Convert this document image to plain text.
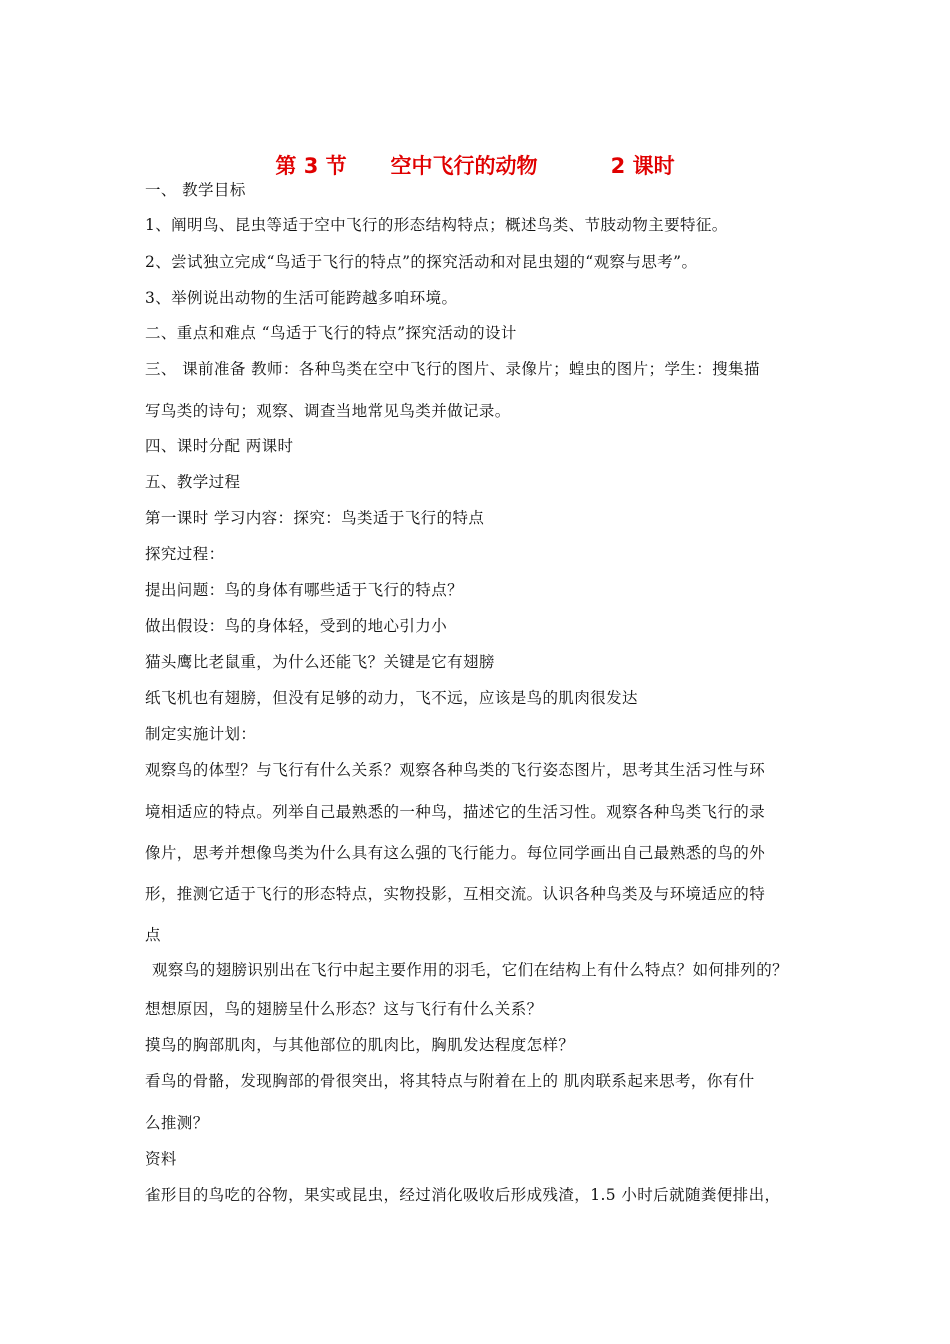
第 3 节 空中飞行的动物	2 课时
一、 教学目标
1、阐明鸟、昆虫等适于空中飞行的形态结构特点；概述鸟类、节肢动物主要特征。
2、尝试独立完成“鸟适于飞行的特点”的探究活动和对昆虫翅的“观察与思考”。
3、举例说出动物的生活可能跨越多咱环境。
二、重点和难点 “鸟适于飞行的特点”探究活动的设计
三、 课前准备 教师：各种鸟类在空中飞行的图片、录像片；蝗虫的图片；学生：搜集描
写鸟类的诗句；观察、调查当地常见鸟类并做记录。
四、课时分配 两课时
五、教学过程
第一课时 学习内容：探究：鸟类适于飞行的特点
探究过程：
提出问题：鸟的身体有哪些适于飞行的特点？
做出假设：鸟的身体轻，受到的地心引力小
猫头鹰比老鼠重，为什么还能飞？关键是它有翅膀
纸飞机也有翅膀，但没有足够的动力，飞不远，应该是鸟的肌肉很发达
制定实施计划：
观察鸟的体型？与飞行有什么关系？观察各种鸟类的飞行姿态图片，思考其生活习性与环
境相适应的特点。列举自己最熟悉的一种鸟，描述它的生活习性。观察各种鸟类飞行的录
像片，思考并想像鸟类为什么具有这么强的飞行能力。每位同学画出自己最熟悉的鸟的外
形，推测它适于飞行的形态特点，实物投影，互相交流。认识各种鸟类及与环境适应的特
点
观察鸟的翅膀识别出在飞行中起主要作用的羽毛，它们在结构上有什么特点？如何排列的？
想想原因，鸟的翅膀呈什么形态？这与飞行有什么关系？
摸鸟的胸部肌肉，与其他部位的肌肉比，胸肌发达程度怎样？
看鸟的骨骼，发现胸部的骨很突出，将其特点与附着在上的 肌肉联系起来思考，你有什
么推测？
资料
雀形目的鸟吃的谷物，果实或昆虫，经过消化吸收后形成残渣，1.5 小时后就随粪便排出，
